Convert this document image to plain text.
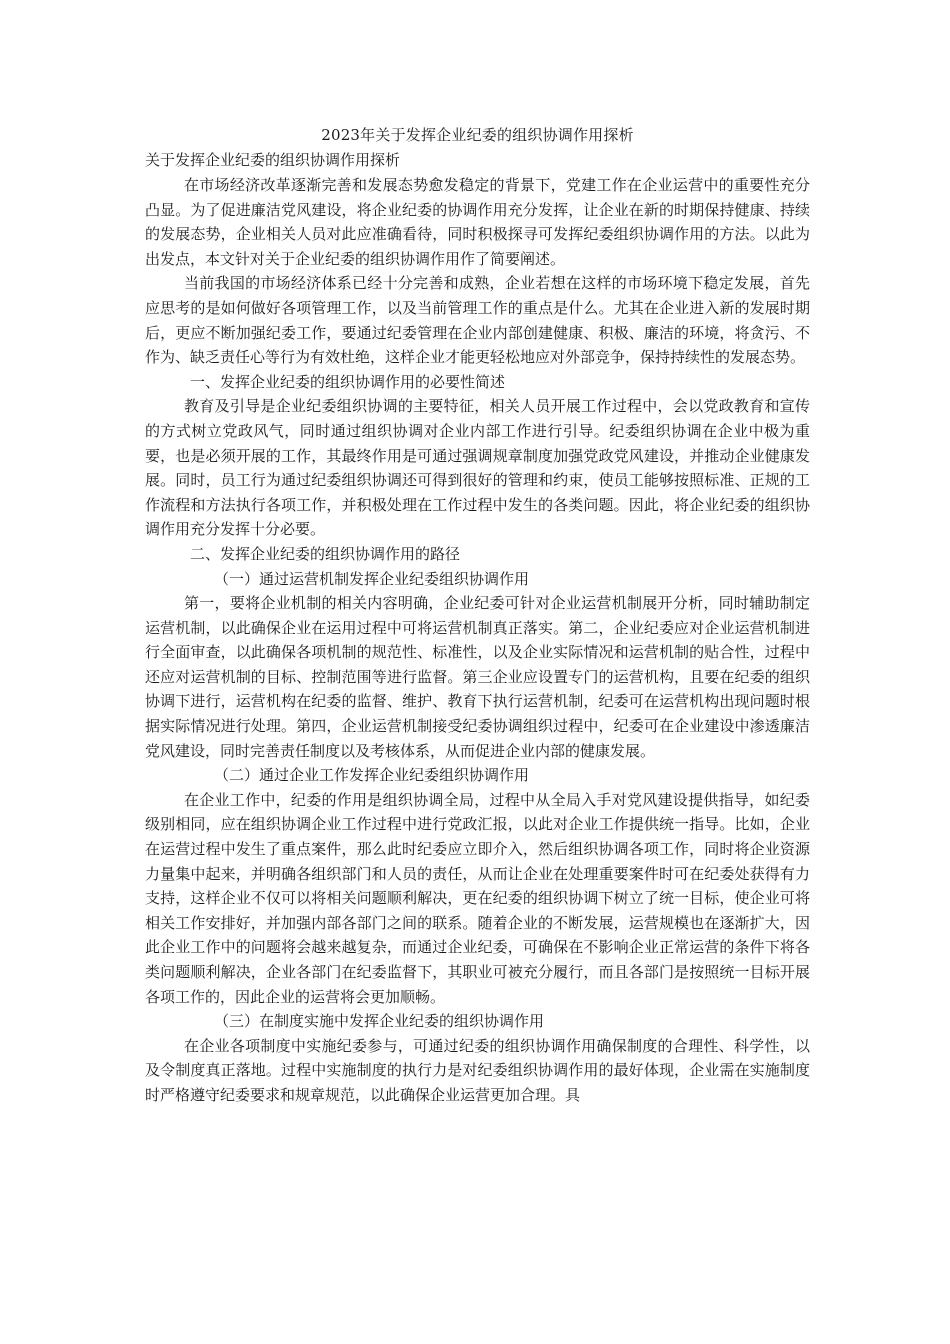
2023年关于发挥企业纪委的组织协调作用探析

关于发挥企业纪委的组织协调作用探析

在市场经济改革逐渐完善和发展态势愈发稳定的背景下，党建工作在企业运营中的重要性充分凸显。为了促进廉洁党风建设，将企业纪委的协调作用充分发挥，让企业在新的时期保持健康、持续的发展态势，企业相关人员对此应准确看待，同时积极探寻可发挥纪委组织协调作用的方法。以此为出发点，本文针对关于企业纪委的组织协调作用作了简要阐述。

当前我国的市场经济体系已经十分完善和成熟，企业若想在这样的市场环境下稳定发展，首先应思考的是如何做好各项管理工作，以及当前管理工作的重点是什么。尤其在企业进入新的发展时期后，更应不断加强纪委工作，要通过纪委管理在企业内部创建健康、积极、廉洁的环境，将贪污、不作为、缺乏责任心等行为有效杜绝，这样企业才能更轻松地应对外部竞争，保持持续性的发展态势。

一、发挥企业纪委的组织协调作用的必要性简述

教育及引导是企业纪委组织协调的主要特征，相关人员开展工作过程中，会以党政教育和宣传的方式树立党政风气，同时通过组织协调对企业内部工作进行引导。纪委组织协调在企业中极为重要，也是必须开展的工作，其最终作用是可通过强调规章制度加强党政党风建设，并推动企业健康发展。同时，员工行为通过纪委组织协调还可得到很好的管理和约束，使员工能够按照标准、正规的工作流程和方法执行各项工作，并积极处理在工作过程中发生的各类问题。因此，将企业纪委的组织协调作用充分发挥十分必要。

二、发挥企业纪委的组织协调作用的路径

（一）通过运营机制发挥企业纪委组织协调作用

第一，要将企业机制的相关内容明确，企业纪委可针对企业运营机制展开分析，同时辅助制定运营机制，以此确保企业在运用过程中可将运营机制真正落实。第二，企业纪委应对企业运营机制进行全面审查，以此确保各项机制的规范性、标准性，以及企业实际情况和运营机制的贴合性，过程中还应对运营机制的目标、控制范围等进行监督。第三企业应设置专门的运营机构，且要在纪委的组织协调下进行，运营机构在纪委的监督、维护、教育下执行运营机制，纪委可在运营机构出现问题时根据实际情况进行处理。第四，企业运营机制接受纪委协调组织过程中，纪委可在企业建设中渗透廉洁党风建设，同时完善责任制度以及考核体系，从而促进企业内部的健康发展。

（二）通过企业工作发挥企业纪委组织协调作用

在企业工作中，纪委的作用是组织协调全局，过程中从全局入手对党风建设提供指导，如纪委级别相同，应在组织协调企业工作过程中进行党政汇报，以此对企业工作提供统一指导。比如，企业在运营过程中发生了重点案件，那么此时纪委应立即介入，然后组织协调各项工作，同时将企业资源力量集中起来，并明确各组织部门和人员的责任，从而让企业在处理重要案件时可在纪委处获得有力支持，这样企业不仅可以将相关问题顺利解决，更在纪委的组织协调下树立了统一目标，使企业可将相关工作安排好，并加强内部各部门之间的联系。随着企业的不断发展，运营规模也在逐渐扩大，因此企业工作中的问题将会越来越复杂，而通过企业纪委，可确保在不影响企业正常运营的条件下将各类问题顺利解决，企业各部门在纪委监督下，其职业可被充分履行，而且各部门是按照统一目标开展各项工作的，因此企业的运营将会更加顺畅。

（三）在制度实施中发挥企业纪委的组织协调作用

在企业各项制度中实施纪委参与，可通过纪委的组织协调作用确保制度的合理性、科学性，以及令制度真正落地。过程中实施制度的执行力是对纪委组织协调作用的最好体现，企业需在实施制度时严格遵守纪委要求和规章规范，以此确保企业运营更加合理。具
